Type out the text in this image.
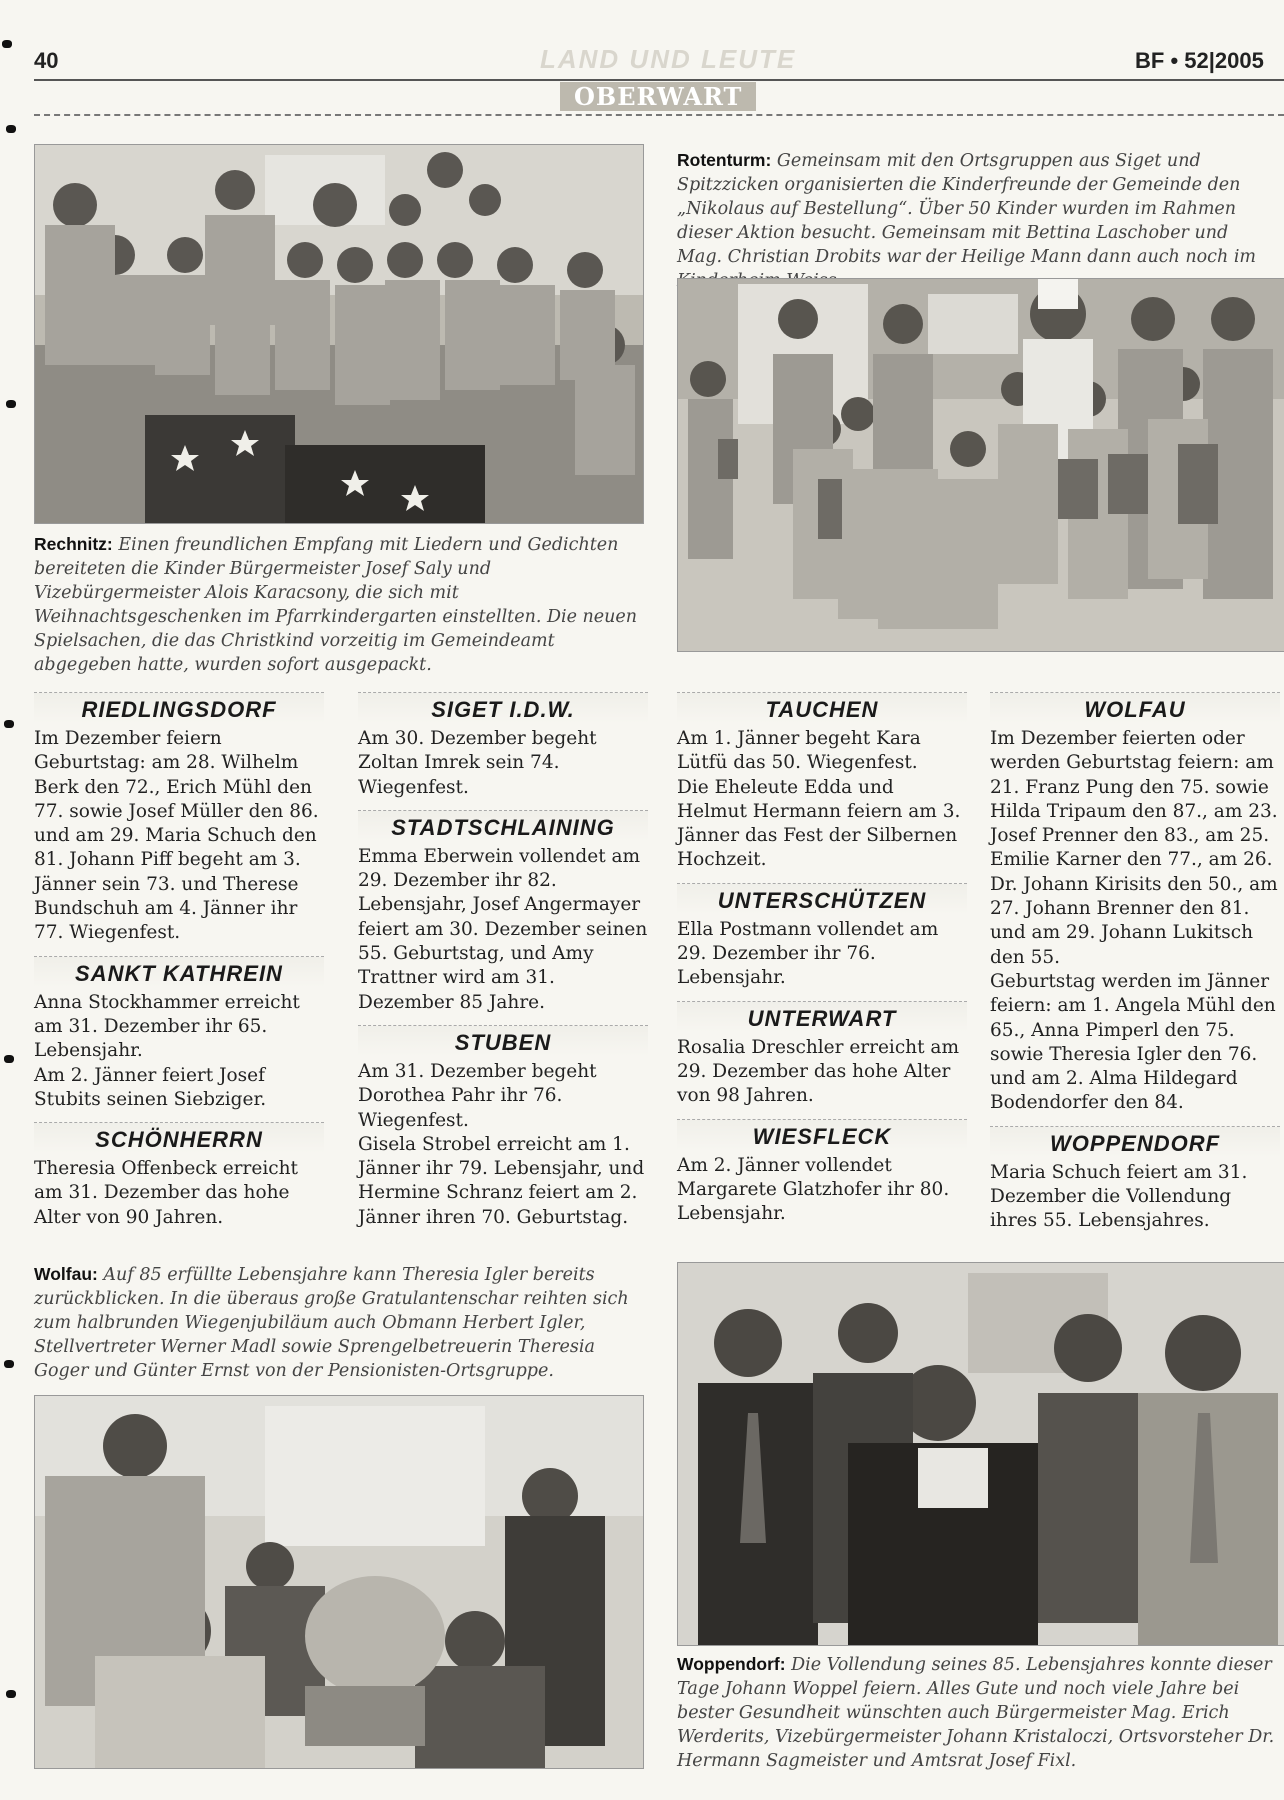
40	LAND UND LEUTE
OBERWART
BF • 52|2005
Rechnitz: Einen freundlichen Empfang mit Liedern und Gedichten bereiteten die Kinder Bürgermeister Josef Saly und Vizebürgermeister Alois Karacsony, die sich mit Weihnachtsgeschenken im Pfarrkindergarten einstellten. Die neuen Spielsachen, die das Christkind vorzeitig im Gemeindeamt abgegeben hatte, wurden sofort ausgepackt.
Rotenturm: Gemeinsam mit den Ortsgruppen aus Siget und Spitzzicken organisierten die Kinderfreunde der Gemeinde den „Nikolaus auf Bestellung“. Über 50 Kinder wurden im Rahmen dieser Aktion besucht. Gemeinsam mit Bettina Laschober und Mag. Christian Drobits war der Heilige Mann dann auch noch im
RIEDLINGSDORF
Im Dezember feiern Geburtstag: am 28. Wilhelm Berk den 72., Erich Mühl den 77. sowie Josef Müller den 86. und am 29. Maria Schuch den 81. Johann Piff begeht am 3. Jänner sein 73. und Therese Bundschuh am 4. Jänner ihr 77. Wiegenfest.
SANKT KATHREIN
Anna Stockhammer erreicht am 31. Dezember ihr 65. Lebensjahr.
Am 2. Jänner feiert Josef Stubits seinen Siebziger.
SCHÖNHERRN
Theresia Offenbeck erreicht am 31. Dezember das hohe Alter von 90 Jahren.
SIGET I.D.W.
Am 30. Dezember begeht Zoltan Imrek sein 74. Wiegenfest.
STADTSCHLAINING
Emma Eberwein vollendet am 29. Dezember ihr 82. Lebensjahr, Josef Angermayer feiert am 30. Dezember seinen 55. Geburtstag, und Amy Trattner wird am 31. Dezember 85 Jahre.
STUBEN
Am 31. Dezember begeht Dorothea Pahr ihr 76. Wiegenfest.
Gisela Strobel erreicht am 1. Jänner ihr 79. Lebensjahr, und Hermine Schranz feiert am 2. Jänner ihren 70. Geburtstag.
TAUCHEN
Am 1. Jänner begeht Kara Lütfü das 50. Wiegenfest.
Die Eheleute Edda und Helmut Hermann feiern am 3. Jänner das Fest der Silbernen Hochzeit.
UNTERSCHÜTZEN
Ella Postmann vollendet am 29. Dezember ihr 76. Lebensjahr.
UNTERWART
Rosalia Dreschler erreicht am 29. Dezember das hohe Alter von 98 Jahren.
WIESFLECK
Am 2. Jänner vollendet Margarete Glatzhofer ihr 80. Lebensjahr.
WOLFAU
Im Dezember feierten oder werden Geburtstag feiern: am 21. Franz Pung den 75. sowie Hilda Tripaum den 87., am 23. Josef Prenner den 83., am 25. Emilie Karner den 77., am 26. Dr. Johann Kirisits den 50., am 27. Johann Brenner den 81. und am 29. Johann Lukitsch den 55.
Geburtstag werden im Jänner feiern: am 1. Angela Mühl den 65., Anna Pimperl den 75. sowie Theresia Igler den 76. und am 2. Alma Hildegard Bodendorfer den 84.
WOPPENDORF
Maria Schuch feiert am 31. Dezember die Vollendung ihres 55. Lebensjahres.
Wolfau: Auf 85 erfüllte Lebensjahre kann Theresia Igler bereits zurückblicken. In die überaus große Gratulantenschar reihten sich zum halbrunden Wiegenjubiläum auch Obmann Herbert Igler, Stellvertreter Werner Madl sowie Sprengelbetreuerin Theresia Goger und Günter Ernst von der Pensionisten-Ortsgruppe.
Woppendorf: Die Vollendung seines 85. Lebensjahres konnte dieser Tage Johann Woppel feiern. Alles Gute und noch viele Jahre bei bester Gesundheit wünschten auch Bürgermeister Mag. Erich Werderits, Vizebürgermeister Johann Kristaloczi, Ortsvorsteher Dr. Hermann Sagmeister und Amtsrat Josef Fixl.
